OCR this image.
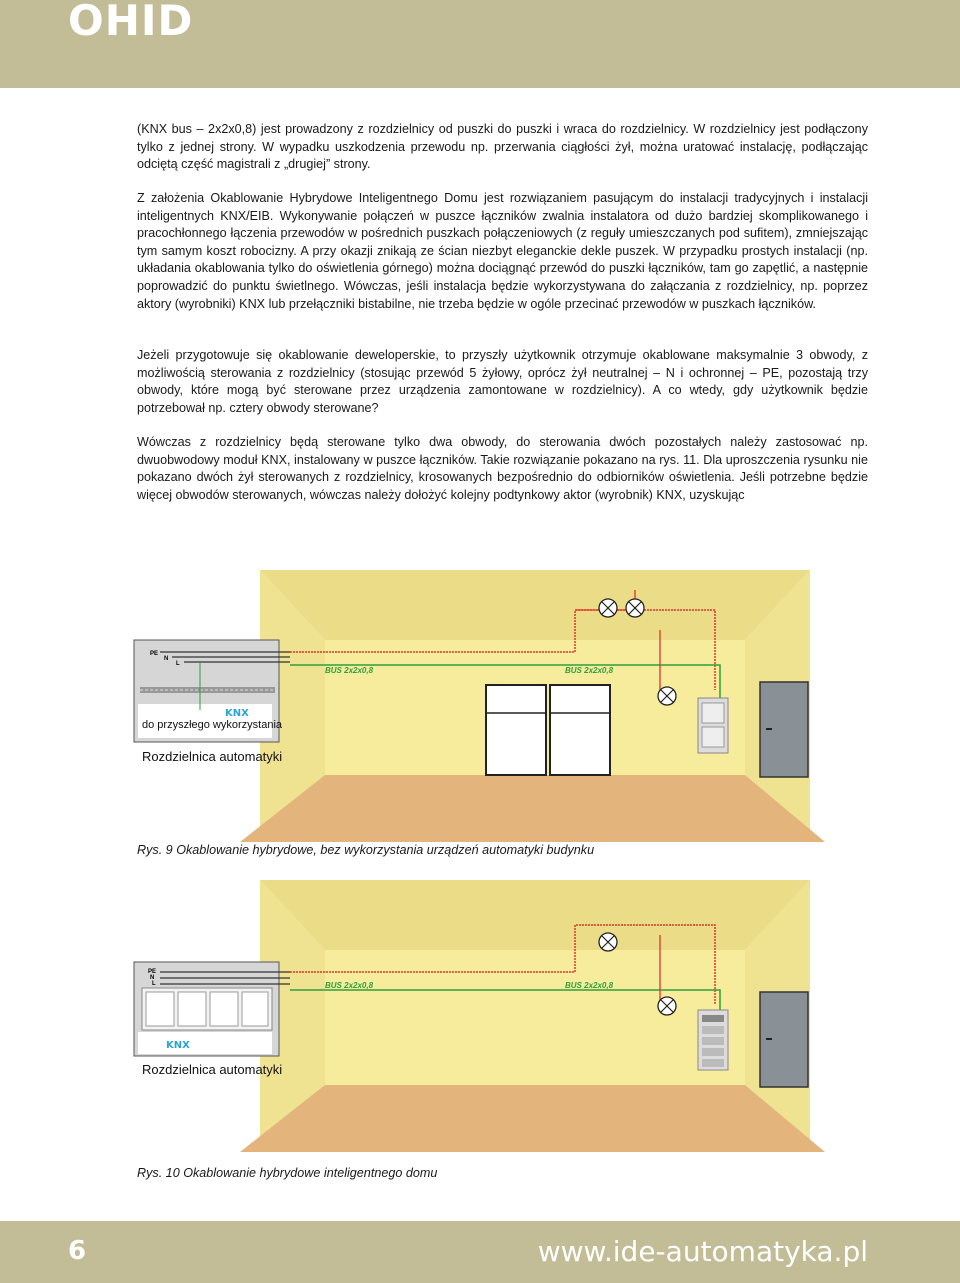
OHID

(KNX bus – 2x2x0,8) jest prowadzony z rozdzielnicy od puszki do puszki i wraca do rozdzielnicy. W rozdzielnicy jest podłączony tylko z jednej strony. W wypadku uszkodzenia przewodu np. przerwania ciągłości żył, można uratować instalację, podłączając odciętą część magistrali z „drugiej” strony.

Z założenia Okablowanie Hybrydowe Inteligentnego Domu jest rozwiązaniem pasującym do instalacji tradycyjnych i instalacji inteligentnych KNX/EIB. Wykonywanie połączeń w puszce łączników zwalnia instalatora od dużo bardziej skomplikowanego i pracochłonnego łączenia przewodów w pośrednich puszkach połączeniowych (z reguły umieszczanych pod sufitem), zmniejszając tym samym koszt robocizny. A przy okazji znikają ze ścian niezbyt eleganckie dekle puszek. W przypadku prostych instalacji (np. układania okablowania tylko do oświetlenia górnego) można dociągnąć przewód do puszki łączników, tam go zapętlić, a następnie poprowadzić do punktu świetlnego. Wówczas, jeśli instalacja będzie wykorzystywana do załączania z rozdzielnicy, np. poprzez aktory (wyrobniki) KNX lub przełączniki bistabilne, nie trzeba będzie w ogóle przecinać przewodów w puszkach łączników.

Jeżeli przygotowuje się okablowanie deweloperskie, to przyszły użytkownik otrzymuje okablowane maksymalnie 3 obwody, z możliwością sterowania z rozdzielnicy (stosując przewód 5 żyłowy, oprócz żył neutralnej – N i ochronnej – PE, pozostają trzy obwody, które mogą być sterowane przez urządzenia zamontowane w rozdzielnicy). A co wtedy, gdy użytkownik będzie potrzebował np. cztery obwody sterowane?

Wówczas z rozdzielnicy będą sterowane tylko dwa obwody, do sterowania dwóch pozostałych należy zastosować np. dwuobwodowy moduł KNX, instalowany w puszce łączników. Takie rozwiązanie pokazano na rys. 11. Dla uproszczenia rysunku nie pokazano dwóch żył sterowanych z rozdzielnicy, krosowanych bezpośrednio do odbiorników oświetlenia. Jeśli potrzebne będzie więcej obwodów sterowanych, wówczas należy dołożyć kolejny podtynkowy aktor (wyrobnik) KNX, uzyskując

PE
N
L
KNX
BUS 2x2x0,8	BUS 2x2x0,8
do przyszłego wykorzystania
Rozdzielnica automatyki
Rys. 9 Okablowanie hybrydowe, bez wykorzystania urządzeń automatyki budynku
PE
N
L
KNX
BUS 2x2x0,8	BUS 2x2x0,8
Rozdzielnica automatyki
Rys. 10 Okablowanie hybrydowe inteligentnego domu
6	www.ide-automatyka.pl
